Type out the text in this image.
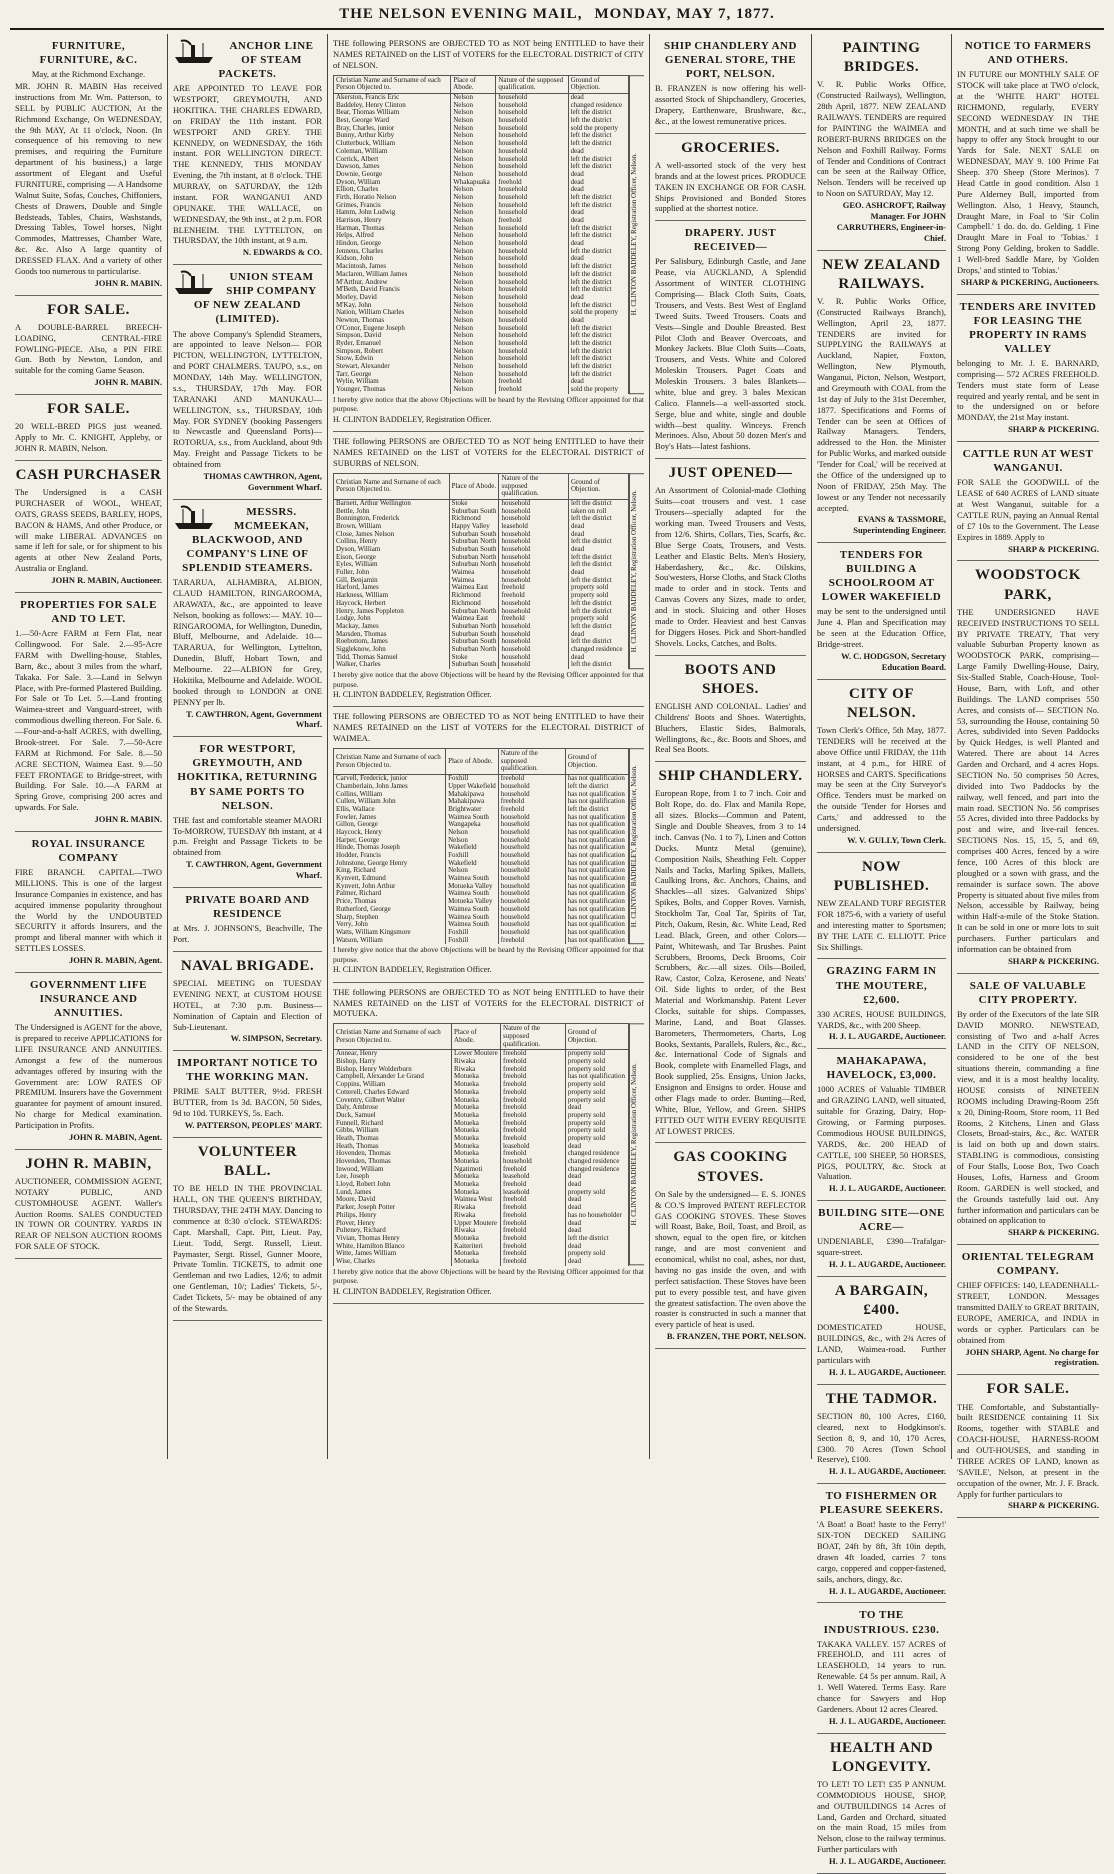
THE NELSON EVENING MAIL, MONDAY, MAY 7, 1877.
FURNITURE, FURNITURE, &C.

May, at the Richmond Exchange.

MR. JOHN R. MABIN Has received instructions from Mr. Wm. Patterson, to SELL by PUBLIC AUCTION, At the Richmond Exchange, On WEDNESDAY, the 9th MAY, At 11 o'clock, Noon. (In consequence of his removing to new premises, and requiring the Furniture department of his business,) a large assortment of Elegant and Useful FURNITURE, comprising — A Handsome Walnut Suite, Sofas, Couches, Chiffoniers, Chests of Drawers, Double and Single Bedsteads, Tables, Chairs, Washstands, Dressing Tables, Towel horses, Night Commodes, Mattresses, Chamber Ware, &c. &c. Also A large quantity of DRESSED FLAX. And a variety of other Goods too numerous to particularise.

JOHN R. MABIN.

FOR SALE.

A DOUBLE-BARREL BREECH-LOADING, CENTRAL-FIRE FOWLING-PIECE. Also, a PIN FIRE Gun. Both by Newton, London, and suitable for the coming Game Season.

JOHN R. MABIN.

FOR SALE.

20 WELL-BRED PIGS just weaned. Apply to Mr. C. KNIGHT, Appleby, or JOHN R. MABIN, Nelson.

CASH PURCHASER

The Undersigned is a CASH PURCHASER of WOOL, WHEAT, OATS, GRASS SEEDS, BARLEY, HOPS, BACON & HAMS, And other Produce, or will make LIBERAL ADVANCES on same if left for sale, or for shipment to his agents at other New Zealand Ports, Australia or England.

JOHN R. MABIN, Auctioneer.

PROPERTIES FOR SALE AND TO LET.

1.—50-Acre FARM at Fern Flat, near Collingwood. For Sale. 2.—95-Acre FARM with Dwelling-house, Stables, Barn, &c., about 3 miles from the wharf, Takaka. For Sale. 3.—Land in Selwyn Place, with Pre-formed Plastered Building. For Sale or To Let. 5.—Land fronting Waimea-street and Vanguard-street, with commodious dwelling thereon. For Sale. 6.—Four-and-a-half ACRES, with dwelling, Brook-street. For Sale. 7.—50-Acre FARM at Richmond. For Sale. 8.—50 ACRE SECTION, Waimea East. 9.—50 FEET FRONTAGE to Bridge-street, with Building. For Sale. 10.—A FARM at Spring Grove, comprising 200 acres and upwards. For Sale.

JOHN R. MABIN.

ROYAL INSURANCE COMPANY

FIRE BRANCH. CAPITAL—TWO MILLIONS. This is one of the largest Insurance Companies in existence, and has acquired immense popularity throughout the World by the UNDOUBTED SECURITY it affords Insurers, and the prompt and liberal manner with which it SETTLES LOSSES.

JOHN R. MABIN, Agent.

GOVERNMENT LIFE INSURANCE AND ANNUITIES.

The Undersigned is AGENT for the above, is prepared to receive APPLICATIONS for LIFE INSURANCE AND ANNUITIES. Amongst a few of the numerous advantages offered by insuring with the Government are: LOW RATES OF PREMIUM. Insurers have the Government guarantee for payment of amount insured. No charge for Medical examination. Participation in Profits.

JOHN R. MABIN, Agent.

JOHN R. MABIN,

AUCTIONEER, COMMISSION AGENT, NOTARY PUBLIC, AND CUSTOMHOUSE AGENT. Waller's Auction Rooms. SALES CONDUCTED IN TOWN OR COUNTRY. YARDS IN REAR OF NELSON AUCTION ROOMS FOR SALE OF STOCK.

ANCHOR LINE OF STEAM PACKETS.

ARE APPOINTED TO LEAVE FOR WESTPORT, GREYMOUTH, AND HOKITIKA. THE CHARLES EDWARD, on FRIDAY the 11th instant. FOR WESTPORT AND GREY. THE KENNEDY, on WEDNESDAY, the 16th instant. FOR WELLINGTON DIRECT. THE KENNEDY, THIS MONDAY Evening, the 7th instant, at 8 o'clock. THE MURRAY, on SATURDAY, the 12th instant. FOR WANGANUI AND OPUNAKE. THE WALLACE, on WEDNESDAY, the 9th inst., at 2 p.m. FOR BLENHEIM. THE LYTTELTON, on THURSDAY, the 10th instant, at 9 a.m.

N. EDWARDS & CO.

UNION STEAM SHIP COMPANY OF NEW ZEALAND (LIMITED).

The above Company's Splendid Steamers, are appointed to leave Nelson— FOR PICTON, WELLINGTON, LYTTELTON, and PORT CHALMERS. TAUPO, s.s., on MONDAY, 14th May. WELLINGTON, s.s., THURSDAY, 17th May. FOR TARANAKI AND MANUKAU— WELLINGTON, s.s., THURSDAY, 10th May. FOR SYDNEY (booking Passengers to Newcastle and Queensland Ports)— ROTORUA, s.s., from Auckland, about 9th May. Freight and Passage Tickets to be obtained from

THOMAS CAWTHRON, Agent, Government Wharf.

MESSRS. MCMEEKAN, BLACKWOOD, AND COMPANY'S LINE OF SPLENDID STEAMERS.

TARARUA, ALHAMBRA, ALBION, CLAUD HAMILTON, RINGAROOMA, ARAWATA, &c., are appointed to leave Nelson, booking as follows:— MAY. 10—RINGAROOMA, for Wellington, Dunedin, Bluff, Melbourne, and Adelaide. 10—TARARUA, for Wellington, Lyttelton, Dunedin, Bluff, Hobart Town, and Melbourne. 22—ALBION for Grey, Hokitika, Melbourne and Adelaide. WOOL booked through to LONDON at ONE PENNY per lb.

T. CAWTHRON, Agent, Government Wharf.

FOR WESTPORT, GREYMOUTH, AND HOKITIKA, RETURNING BY SAME PORTS TO NELSON.

THE fast and comfortable steamer MAORI To-MORROW, TUESDAY 8th instant, at 4 p.m. Freight and Passage Tickets to be obtained from

T. CAWTHRON, Agent, Government Wharf.

PRIVATE BOARD AND RESIDENCE

at Mrs. J. JOHNSON'S, Beachville, The Port.

NAVAL BRIGADE.

SPECIAL MEETING on TUESDAY EVENING NEXT, at CUSTOM HOUSE HOTEL, at 7:30 p.m. Business—Nomination of Captain and Election of Sub-Lieutenant.

W. SIMPSON, Secretary.

IMPORTANT NOTICE TO THE WORKING MAN.

PRIME SALT BUTTER, 9½d. FRESH BUTTER, from 1s 3d. BACON, 50 Sides, 9d to 10d. TURKEYS, 5s. Each.

W. PATTERSON, PEOPLES' MART.

VOLUNTEER BALL.

TO BE HELD IN THE PROVINCIAL HALL, ON THE QUEEN'S BIRTHDAY, THURSDAY, THE 24TH MAY. Dancing to commence at 8:30 o'clock. STEWARDS: Capt. Marshall, Capt. Pitt, Lieut. Pay, Lieut. Todd, Sergt. Russell, Lieut. Paymaster, Sergt. Rissel, Gunner Moore, Private Tomlin. TICKETS, to admit one Gentleman and two Ladies, 12/6; to admit one Gentleman, 10/; Ladies' Tickets, 5/-, Cadet Tickets, 5/- may be obtained of any of the Stewards.

THE following PERSONS are OBJECTED TO as NOT being ENTITLED to have their NAMES RETAINED on the LIST of VOTERS for the ELECTORAL DISTRICT of CITY of NELSON.

Christian Name and Surname of each Person Objected to.	Place of Abode.	Nature of the supposed qualification.	Ground of Objection.
Akerston, Francis Eric	Nelson	household	dead
Baddeley, Henry Clinton	Nelson	household	changed residence
Bear, Thomas William	Nelson	household	left the district
Best, George Ward	Nelson	household	left the district
Bray, Charles, junior	Nelson	household	sold the property
Bunny, Arthur Kirby	Nelson	household	left the district
Clutterbuck, William	Nelson	household	left the district
Coleman, William	Nelson	household	dead
Corrick, Albert	Nelson	household	left the district
Dawson, James	Nelson	household	left the district
Downie, George	Nelson	household	dead
Dyson, William	Whakapuaka	freehold	dead
Elliott, Charles	Nelson	household	dead
Firth, Horatio Nelson	Nelson	household	left the district
Grimes, Francis	Nelson	household	left the district
Hamm, John Ludwig	Nelson	household	dead
Harrison, Henry	Nelson	freehold	dead
Harman, Thomas	Nelson	household	left the district
Helps, Alfred	Nelson	household	left the district
Hindon, George	Nelson	household	dead
Jennens, Charles	Nelson	household	left the district
Kidson, John	Nelson	household	dead
Macintosh, James	Nelson	household	left the district
Maclaren, William James	Nelson	household	left the district
M'Arthur, Andrew	Nelson	household	left the district
M'Beth, David Francis	Nelson	household	left the district
Morley, David	Nelson	household	dead
M'Kay, John	Nelson	household	left the district
Nation, William Charles	Nelson	household	sold the property
Newton, Thomas	Nelson	household	dead
O'Conor, Eugene Joseph	Nelson	household	left the district
Simpson, David	Nelson	household	left the district
Ryder, Emanuel	Nelson	household	left the district
Simpson, Robert	Nelson	household	left the district
Snow, Edwin	Nelson	household	left the district
Stewart, Alexander	Nelson	household	left the district
Tarr, George	Nelson	household	left the district
Wylie, William	Nelson	freehold	dead
Younger, Thomas	Nelson	freehold	sold the property
H. CLINTON BADDELEY, Registration Officer, Nelson.

I hereby give notice that the above Objections will be heard by the Revising Officer appointed for that purpose.

H. CLINTON BADDELEY, Registration Officer.

THE following PERSONS are OBJECTED TO as NOT being ENTITLED to have their NAMES RETAINED on the LIST of VOTERS for the ELECTORAL DISTRICT of SUBURBS of NELSON.

Christian Name and Surname of each Person Objected to.	Place of Abode.	Nature of the supposed qualification.	Ground of Objection.
Barnett, Arthur Wellington	Stoke	household	left the district
Bettle, John	Suburban South	household	taken on roll
Bonnington, Frederick	Richmond	household	left the district
Brown, William	Happy Valley	leasehold	dead
Close, James Nelson	Suburban South	household	dead
Collins, Henry	Suburban North	household	left the district
Dyson, William	Suburban South	household	dead
Eison, George	Suburban North	household	left the district
Eyles, William	Suburban North	household	left the district
Fuller, John	Waimea	household	dead
Gill, Benjamin	Waimea	household	left the district
Harford, James	Waimea East	freehold	property sold
Harkness, William	Richmond	freehold	property sold
Haycock, Herbert	Richmond	household	left the district
Henry, James Poppleton	Suburban North	household	left the district
Lodge, John	Waimea East	freehold	property sold
Mackay, James	Suburban North	household	left the district
Marsden, Thomas	Suburban South	household	dead
Roebottom, James	Suburban South	household	left the district
Siggleknow, John	Suburban North	household	changed residence
Tidd, Thomas Samuel	Stoke	household	dead
Walker, Charles	Suburban South	household	left the district
H. CLINTON BADDELEY, Registration Officer, Nelson.

I hereby give notice that the above Objections will be heard by the Revising Officer appointed for that purpose.

H. CLINTON BADDELEY, Registration Officer.

THE following PERSONS are OBJECTED TO as NOT being ENTITLED to have their NAMES RETAINED on the LIST of VOTERS for the ELECTORAL DISTRICT of WAIMEA.

Christian Name and Surname of each Person Objected to.	Place of Abode.	Nature of the supposed qualification.	Ground of Objection.
Carvell, Frederick, junior	Foxhill	freehold	has not qualification
Chamberlain, John James	Upper Wakefield	household	left the district
Collins, William	Mahakipawa	household	has not qualification
Cullen, William John	Mahakipawa	freehold	has not qualification
Ellis, Wallace	Brightwater	freehold	left the district
Fowler, James	Waimea South	household	has not qualification
Gillon, George	Wangapeka	household	has not qualification
Haycock, Henry	Nelson	household	has not qualification
Harper, George	Nelson	household	has not qualification
Hinde, Thomas Joseph	Wakefield	household	has not qualification
Hodder, Francis	Foxhill	household	has not qualification
Johnstone, George Henry	Wakefield	household	has not qualification
King, Richard	Nelson	household	has not qualification
Kynvett, Edmund	Waimea South	household	has not qualification
Kynvett, John Arthur	Motueka Valley	household	has not qualification
Palmer, Richard	Waimea South	household	has not qualification
Price, Thomas	Motueka Valley	household	has not qualification
Rutherford, George	Waimea South	household	has not qualification
Sharp, Stephen	Waimea South	household	has not qualification
Verry, John	Waimea South	household	has not qualification
Watts, William Kingsmore	Foxhill	household	has not qualification
Watson, William	Foxhill	freehold	has not qualification
H. CLINTON BADDELEY, Registration Officer, Nelson.

I hereby give notice that the above Objections will be heard by the Revising Officer appointed for that purpose.

H. CLINTON BADDELEY, Registration Officer.

THE following PERSONS are OBJECTED TO as NOT being ENTITLED to have their NAMES RETAINED on the LIST of VOTERS for the ELECTORAL DISTRICT of MOTUEKA.

Christian Name and Surname of each Person Objected to.	Place of Abode.	Nature of the supposed qualification.	Ground of Objection.
Annear, Henry	Lower Moutere	freehold	property sold
Bishop, Harry	Riwaka	freehold	property sold
Bishop, Henry Wolderburn	Riwaka	freehold	property sold
Campbell, Alexander Le Grand	Motueka	freehold	has not qualification
Coppins, William	Motueka	freehold	property sold
Cotterell, Charles Edward	Motueka	freehold	property sold
Coventry, Gilbert Walter	Motueka	freehold	property sold
Daly, Ambrose	Motueka	freehold	dead
Duck, Samuel	Motueka	freehold	property sold
Funnell, Richard	Motueka	freehold	property sold
Gibbs, William	Motueka	freehold	property sold
Heath, Thomas	Motueka	freehold	property sold
Heath, Thomas	Motueka	leasehold	dead
Hovenden, Thomas	Motueka	freehold	changed residence
Hovenden, Thomas	Motueka	household	changed residence
Inwood, William	Ngatimoti	freehold	changed residence
Lee, Joseph	Motueka	leasehold	dead
Lloyd, Robert John	Motueka	freehold	dead
Lund, James	Motueka	leasehold	property sold
Moore, David	Waimea West	freehold	dead
Parker, Joseph Potter	Riwaka	freehold	dead
Philips, Henry	Riwaka	freehold	has no householder
Plover, Henry	Upper Moutere	freehold	dead
Pulteney, Richard	Riwaka	freehold	dead
Vivian, Thomas Henry	Motueka	freehold	left the district
White, Hamilton Blanco	Kaiteriteri	freehold	dead
Witte, James William	Motueka	freehold	property sold
Wise, Charles	Motueka	freehold	dead
H. CLINTON BADDELEY, Registration Officer, Nelson.

I hereby give notice that the above Objections will be heard by the Revising Officer appointed for that purpose.

H. CLINTON BADDELEY, Registration Officer.

SHIP CHANDLERY AND GENERAL STORE, THE PORT, NELSON.

B. FRANZEN is now offering his well-assorted Stock of Shipchandlery, Groceries, Drapery, Earthenware, Brushware, &c., &c., at the lowest remunerative prices.

GROCERIES.

A well-assorted stock of the very best brands and at the lowest prices. PRODUCE TAKEN IN EXCHANGE OR FOR CASH. Ships Provisioned and Bonded Stores supplied at the shortest notice.

DRAPERY. JUST RECEIVED—

Per Salisbury, Edinburgh Castle, and Jane Pease, via AUCKLAND, A Splendid Assortment of WINTER CLOTHING Comprising— Black Cloth Suits, Coats, Trousers, and Vests. Best West of England Tweed Suits. Tweed Trousers. Coats and Vests—Single and Double Breasted. Best Pilot Cloth and Beaver Overcoats, and Monkey Jackets. Blue Cloth Suits—Coats, Trousers, and Vests. White and Colored Moleskin Trousers. Paget Coats and Moleskin Trousers. 3 bales Blankets—white, blue and grey. 3 bales Mexican Calico. Flannels—a well-assorted stock. Serge, blue and white, single and double width—best quality. Winceys. French Merinoes. Also, About 50 dozen Men's and Boy's Hats—latest fashions.

JUST OPENED—

An Assortment of Colonial-made Clothing Suits—coat trousers and vest. 1 case Trousers—specially adapted for the working man. Tweed Trousers and Vests, from 12/6. Shirts, Collars, Ties, Scarfs, &c. Blue Serge Coats, Trousers, and Vests. Leather and Elastic Belts. Men's Hosiery, Haberdashery, &c., &c. Oilskins, Sou'westers, Horse Cloths, and Stack Cloths made to order and in stock. Tents and Canvas Covers any Sizes, made to order, and in stock. Sluicing and other Hoses made to Order. Heaviest and best Canvas for Diggers Hoses. Pick and Short-handled Shovels. Locks, Catches, and Bolts.

BOOTS AND SHOES.

ENGLISH AND COLONIAL. Ladies' and Childrens' Boots and Shoes. Watertights, Bluchers, Elastic Sides, Balmorals, Wellingtons, &c., &c. Boots and Shoes, and Real Sea Boots.

SHIP CHANDLERY.

European Rope, from 1 to 7 inch. Coir and Bolt Rope, do. do. Flax and Manila Rope, all sizes. Blocks—Common and Patent, Single and Double Sheaves, from 3 to 14 inch. Canvas (No. 1 to 7), Linen and Cotton Ducks. Muntz Metal (genuine), Composition Nails, Sheathing Felt. Copper Nails and Tacks, Marling Spikes, Mallets, Caulking Irons, &c. Anchors, Chains, and Shackles—all sizes. Galvanized Ships' Spikes, Bolts, and Copper Roves. Varnish, Stockholm Tar, Coal Tar, Spirits of Tar, Pitch, Oakum, Resin, &c. White Lead, Red Lead. Black, Green, and other Colors—Paint, Whitewash, and Tar Brushes. Paint Scrubbers, Brooms, Deck Brooms, Coir Scrubbers, &c.—all sizes. Oils—Boiled, Raw, Castor, Colza, Kerosene, and Neats' Oil. Side lights to order, of the Best Material and Workmanship. Patent Lever Clocks, suitable for ships. Compasses, Marine, Land, and Boat Glasses. Barometers, Thermometers, Charts, Log Books, Sextants, Parallels, Rulers, &c., &c., &c. International Code of Signals and Book, complete with Enamelled Flags, and Book supplied, 25s. Ensigns, Union Jacks, Ensignon and Ensigns to order. House and other Flags made to order. Bunting—Red, White, Blue, Yellow, and Green. SHIPS FITTED OUT WITH EVERY REQUISITE AT LOWEST PRICES.

GAS COOKING STOVES.

On Sale by the undersigned— E. S. JONES & CO.'S Improved PATENT REFLECTOR GAS COOKING STOVES. These Stoves will Roast, Bake, Boil, Toast, and Broil, as shown, equal to the open fire, or kitchen range, and are most convenient and economical, whilst no coal, ashes, nor dust, having no gas inside the oven, and with perfect satisfaction. These Stoves have been put to every possible test, and have given the greatest satisfaction. The oven above the roaster is constructed in such a manner that every particle of heat is used.

B. FRANZEN, THE PORT, NELSON.

PAINTING BRIDGES.

V. R. Public Works Office, (Constructed Railways), Wellington, 28th April, 1877. NEW ZEALAND RAILWAYS. TENDERS are required for PAINTING the WAIMEA and ROBERT-BURNS BRIDGES on the Nelson and Foxhill Railway. Forms of Tender and Conditions of Contract can be seen at the Railway Office, Nelson. Tenders will be received up to Noon on SATURDAY, May 12.

GEO. ASHCROFT, Railway Manager. For JOHN CARRUTHERS, Engineer-in-Chief.

NEW ZEALAND RAILWAYS.

V. R. Public Works Office, (Constructed Railways Branch), Wellington, April 23, 1877. TENDERS are invited for SUPPLYING the RAILWAYS at Auckland, Napier, Foxton, Wellington, New Plymouth, Wanganui, Picton, Nelson, Westport, and Greymouth with COAL from the 1st day of July to the 31st December, 1877. Specifications and Forms of Tender can be seen at Offices of Railway Managers. Tenders, addressed to the Hon. the Minister for Public Works, and marked outside 'Tender for Coal,' will be received at the Office of the undersigned up to Noon of FRIDAY, 25th May. The lowest or any Tender not necessarily accepted.

EVANS & TASSMORE, Superintending Engineer.

TENDERS FOR BUILDING A SCHOOLROOM AT LOWER WAKEFIELD

may be sent to the undersigned until June 4. Plan and Specification may be seen at the Education Office, Bridge-street.

W. C. HODGSON, Secretary Education Board.

CITY OF NELSON.

Town Clerk's Office, 5th May, 1877. TENDERS will be received at the above Office until FRIDAY, the 11th instant, at 4 p.m., for HIRE of HORSES and CARTS. Specifications may be seen at the City Surveyor's Office. Tenders must be marked on the outside 'Tender for Horses and Carts,' and addressed to the undersigned.

W. V. GULLY, Town Clerk.

NOW PUBLISHED.

NEW ZEALAND TURF REGISTER FOR 1875-6, with a variety of useful and interesting matter to Sportsmen; BY THE LATE C. ELLIOTT. Price Six Shillings.

GRAZING FARM IN THE MOUTERE, £2,600.

330 ACRES, HOUSE BUILDINGS, YARDS, &c., with 200 Sheep.

H. J. L. AUGARDE, Auctioneer.

MAHAKAPAWA, HAVELOCK, £3,000.

1000 ACRES of Valuable TIMBER and GRAZING LAND, well situated, suitable for Grazing, Dairy, Hop-Growing, or Farming purposes. Commodious HOUSE BUILDINGS, YARDS, &c. 200 HEAD of CATTLE, 100 SHEEP, 50 HORSES, PIGS, POULTRY, &c. Stock at Valuation.

H. J. L. AUGARDE, Auctioneer.

BUILDING SITE—ONE ACRE—

UNDENIABLE, £390—Trafalgar-square-street.

H. J. L. AUGARDE, Auctioneer.

A BARGAIN, £400.

DOMESTICATED HOUSE, BUILDINGS, &c., with 2¾ Acres of LAND, Waimea-road. Further particulars with

H. J. L. AUGARDE, Auctioneer.

THE TADMOR.

SECTION 80, 100 Acres, £160, cleared, next to Hodgkinson's. Section 8, 9, and 10, 170 Acres, £300. 70 Acres (Town School Reserve), £100.

H. J. L. AUGARDE, Auctioneer.

TO FISHERMEN OR PLEASURE SEEKERS.

'A Boat! a Boat! haste to the Ferry!' SIX-TON DECKED SAILING BOAT, 24ft by 8ft, 3ft 10in depth, drawn 4ft loaded, carries 7 tons cargo, coppered and copper-fastened, sails, anchors, dingy, &c.

H. J. L. AUGARDE, Auctioneer.

TO THE INDUSTRIOUS. £230.

TAKAKA VALLEY. 157 ACRES of FREEHOLD, and 111 acres of LEASEHOLD, 14 years to run. Renewable. £4 5s per annum. Rail, A 1. Well Watered. Terms Easy. Rare chance for Sawyers and Hop Gardeners. About 12 acres Cleared.

H. J. L. AUGARDE, Auctioneer.

HEALTH AND LONGEVITY.

TO LET! TO LET! £35 P ANNUM. COMMODIOUS HOUSE, SHOP, and OUTBUILDINGS 14 Acres of Land, Garden and Orchard, situated on the main Road, 15 miles from Nelson, close to the railway terminus. Further particulars with

H. J. L. AUGARDE, Auctioneer.

NOTICE TO FARMERS AND OTHERS.

IN FUTURE our MONTHLY SALE OF STOCK will take place at TWO o'clock, at the 'WHITE HART' HOTEL RICHMOND, regularly, EVERY SECOND WEDNESDAY IN THE MONTH, and at such time we shall be happy to offer any Stock brought to our Yards for Sale. NEXT SALE on WEDNESDAY, MAY 9. 100 Prime Fat Sheep. 370 Sheep (Store Merinos). 7 Head Cattle in good condition. Also 1 Pure Alderney Bull, imported from Wellington. Also, 1 Heavy, Staunch, Draught Mare, in Foal to 'Sir Colin Campbell.' 1 do. do. do. Gelding. 1 Fine Draught Mare in Foal to 'Tobias.' 1 Strong Pony Gelding, broken to Saddle. 1 Well-bred Saddle Mare, by 'Golden Drops,' and stinted to 'Tobias.'

SHARP & PICKERING, Auctioneers.

TENDERS ARE INVITED FOR LEASING THE PROPERTY IN RAMS VALLEY

belonging to Mr. J. E. BARNARD, comprising— 572 ACRES FREEHOLD. Tenders must state form of Lease required and yearly rental, and be sent in to the undersigned on or before MONDAY, the 21st May instant.

SHARP & PICKERING.

CATTLE RUN AT WEST WANGANUI.

FOR SALE the GOODWILL of the LEASE of 640 ACRES of LAND situate at West Wanganui, suitable for a CATTLE RUN, paying an Annual Rental of £7 10s to the Government. The Lease Expires in 1889. Apply to

SHARP & PICKERING.

WOODSTOCK PARK,

THE UNDERSIGNED HAVE RECEIVED INSTRUCTIONS TO SELL BY PRIVATE TREATY, That very valuable Suburban Property known as WOODSTOCK PARK, comprising— Large Family Dwelling-House, Dairy, Six-Stalled Stable, Coach-House, Tool-House, Barn, with Loft, and other Buildings. The LAND comprises 550 Acres, and consists of— SECTION No. 53, surrounding the House, containing 50 Acres, subdivided into Seven Paddocks by Quick Hedges, is well Planted and Watered. There are about 14 Acres Garden and Orchard, and 4 acres Hops. SECTION No. 50 comprises 50 Acres, divided into Two Paddocks by the railway, well fenced, and part into the main road. SECTION No. 56 comprises 55 Acres, divided into three Paddocks by post and wire, and live-rail fences. SECTIONS Nos. 15, 15, 5, and 69, comprises 400 Acres, fenced by a wire fence, 100 Acres of this block are ploughed or a sown with grass, and the remainder is surface sown. The above Property is situated about five miles from Nelson, accessible by Railway, being within Half-a-mile of the Stoke Station. It can be sold in one or more lots to suit purchasers. Further particulars and information can be obtained from

SHARP & PICKERING.

SALE OF VALUABLE CITY PROPERTY.

By order of the Executors of the late SIR DAVID MONRO. NEWSTEAD, consisting of Two and a-half Acres LAND in the CITY OF NELSON, considered to be one of the best situations therein, commanding a fine view, and it is a most healthy locality. HOUSE consists of NINETEEN ROOMS including Drawing-Room 25ft x 20, Dining-Room, Store room, 11 Bed Rooms, 2 Kitchens, Linen and Glass Closets, Broad-stairs, &c., &c. WATER is laid on both up and down stairs. STABLING is commodious, consisting of Four Stalls, Loose Box, Two Coach Houses, Lofts, Harness and Groom Room. GARDEN is well stocked, and the Grounds tastefully laid out. Any further information and particulars can be obtained on application to

SHARP & PICKERING.

ORIENTAL TELEGRAM COMPANY.

CHIEF OFFICES: 140, LEADENHALL-STREET, LONDON. Messages transmitted DAILY to GREAT BRITAIN, EUROPE, AMERICA, and INDIA in words or cypher. Particulars can be obtained from

JOHN SHARP, Agent. No charge for registration.

FOR SALE.

THE Comfortable, and Substantially-built RESIDENCE containing 11 Six Rooms, together with STABLE and COACH-HOUSE, HARNESS-ROOM and OUT-HOUSES, and standing in THREE ACRES OF LAND, known as 'SAVILE', Nelson, at present in the occupation of the owner, Mr. J. F. Brack. Apply for further particulars to

SHARP & PICKERING.
